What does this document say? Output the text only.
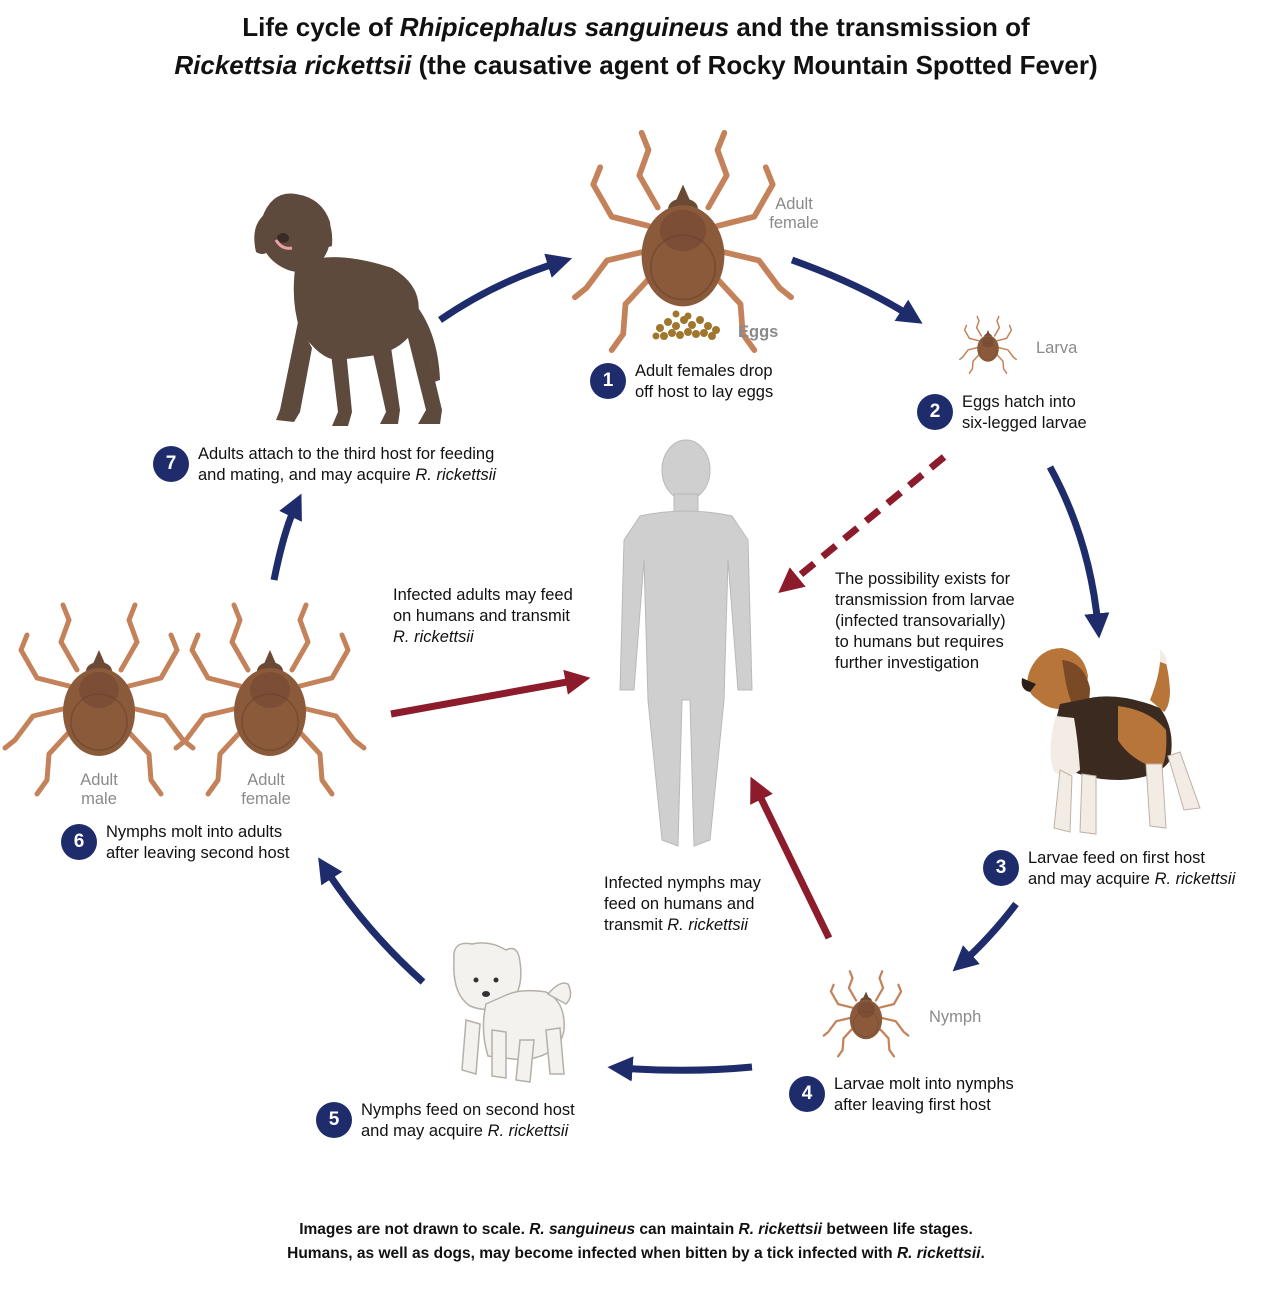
Life cycle of Rhipicephalus sanguineus and the transmission of
Rickettsia rickettsii (the causative agent of Rocky Mountain Spotted Fever)
Adult
female
Eggs
Larva
Nymph
Adult
male
Adult
female
1	Adult females drop
off host to lay eggs
2	Eggs hatch into
six-legged larvae
3	Larvae feed on first host
and may acquire R. rickettsii
4	Larvae molt into nymphs
after leaving first host
5	Nymphs feed on second host
and may acquire R. rickettsii
6	Nymphs molt into adults
after leaving second host
7	Adults attach to the third host for feeding
and mating, and may acquire R. rickettsii
Infected adults may feed
on humans and transmit
R. rickettsii
Infected nymphs may
feed on humans and
transmit R. rickettsii
The possibility exists for
transmission from larvae
(infected transovarially)
to humans but requires
further investigation
Images are not drawn to scale. R. sanguineus can maintain R. rickettsii between life stages.
Humans, as well as dogs, may become infected when bitten by a tick infected with R. rickettsii.
